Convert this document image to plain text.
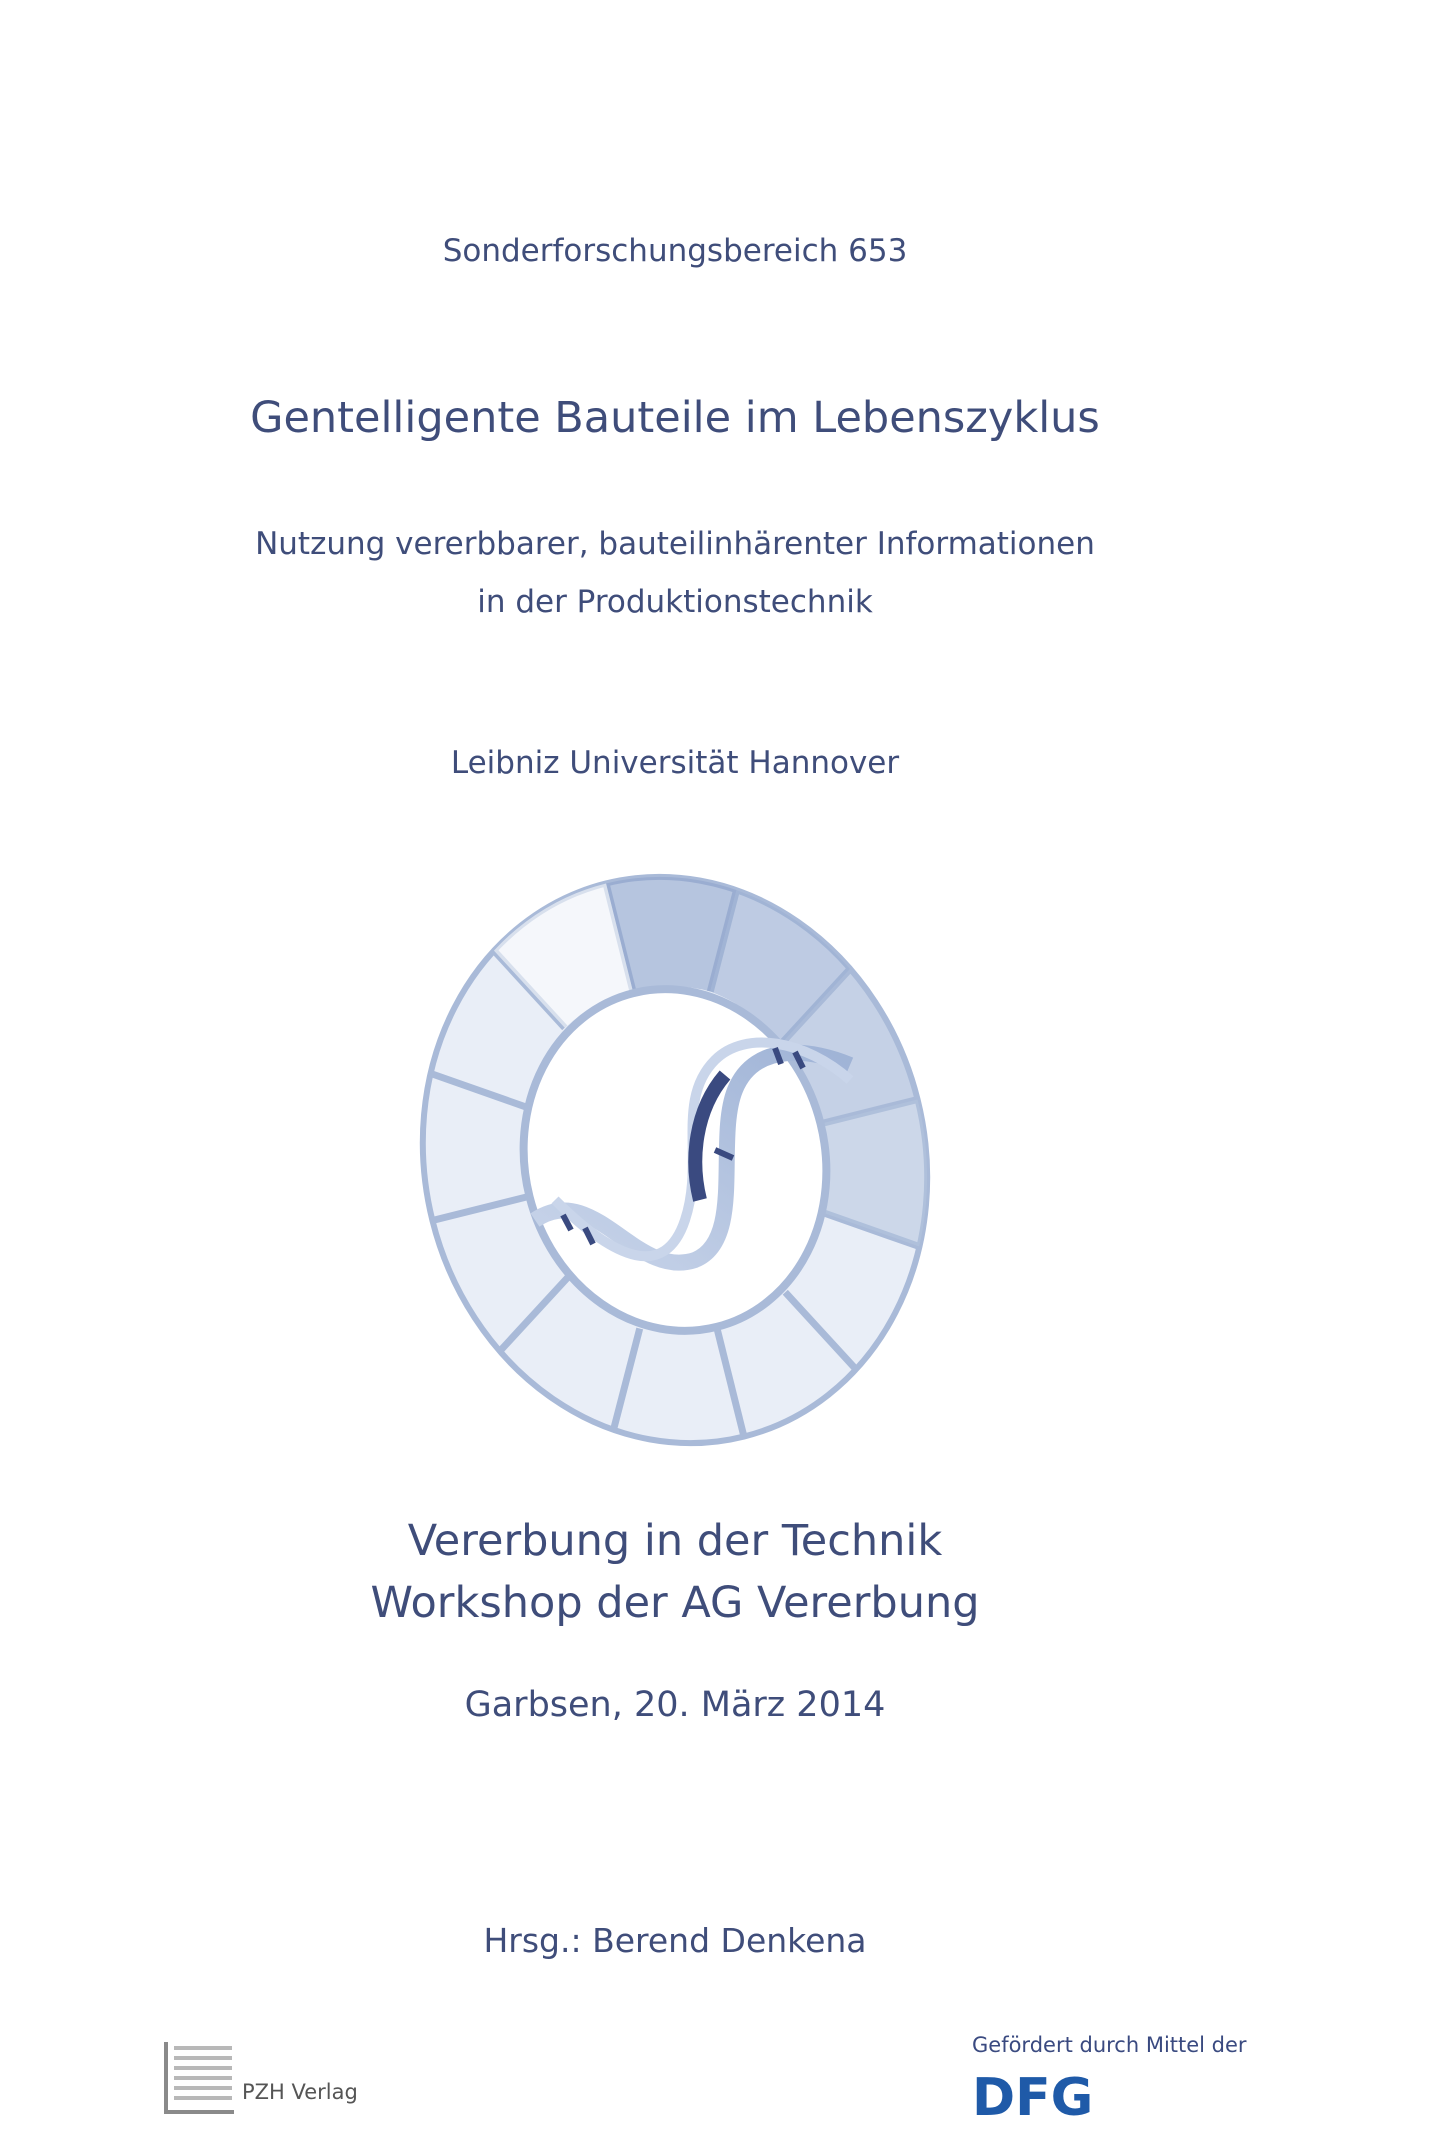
Sonderforschungsbereich 653
Gentelligente Bauteile im Lebenszyklus
Nutzung vererbbarer, bauteilinhärenter Informationen
in der Produktionstechnik
Leibniz Universität Hannover
Vererbung in der Technik
Workshop der AG Vererbung
Garbsen, 20. März 2014
Hrsg.: Berend Denkena
PZH Verlag
Gefördert durch Mittel der
DFG
